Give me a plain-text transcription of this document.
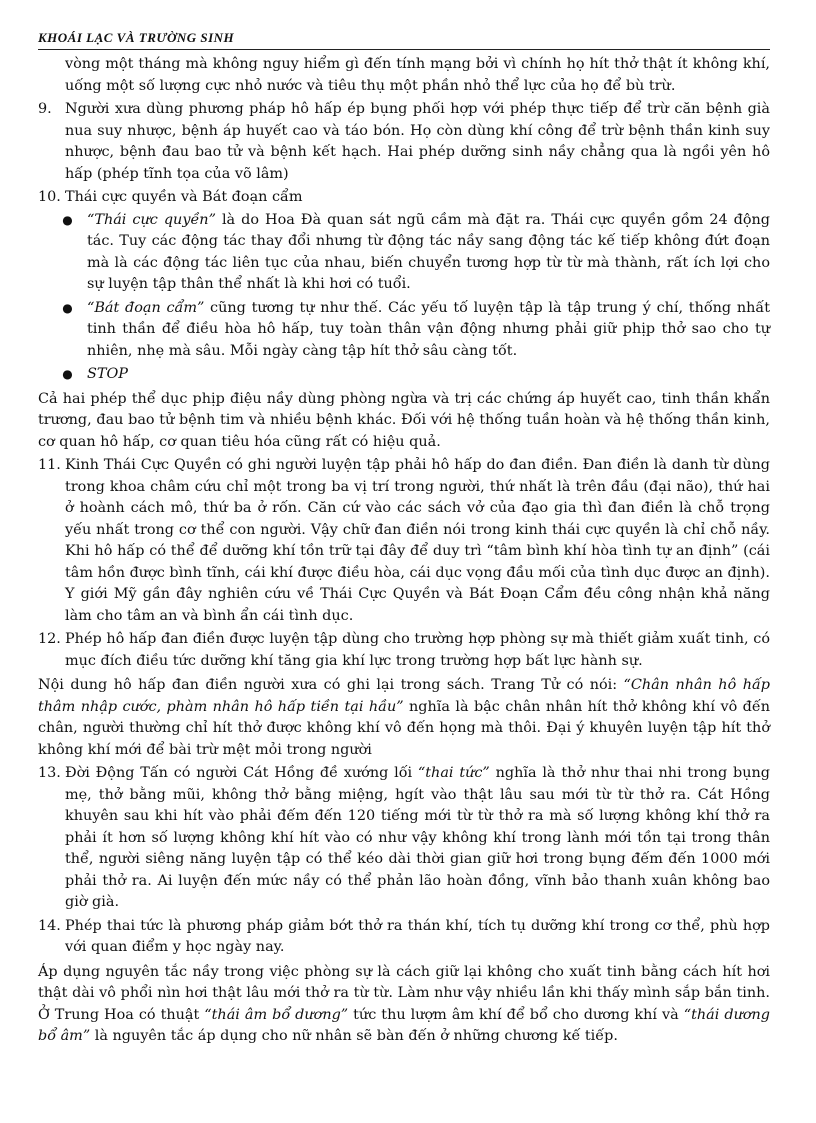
KHOÁI LẠC VÀ TRƯỜNG SINH

vòng một tháng mà không nguy hiểm gì đến tính mạng bởi vì chính họ hít thở thật ít không khí, uống một số lượng cực nhỏ nước và tiêu thụ một phần nhỏ thể lực của họ để bù trừ.

9. Người xưa dùng phương pháp hô hấp ép bụng phối hợp với phép thực tiếp để trừ căn bệnh già nua suy nhược, bệnh áp huyết cao và táo bón. Họ còn dùng khí công để trừ bệnh thần kinh suy nhược, bệnh đau bao tử và bệnh kết hạch. Hai phép dưỡng sinh nầy chẳng qua là ngồi yên hô hấp (phép tĩnh tọa của võ lâm)
10. Thái cực quyền và Bát đoạn cẩm
● “Thái cực quyền” là do Hoa Đà quan sát ngũ cầm mà đặt ra. Thái cực quyền gồm 24 động tác. Tuy các động tác thay đổi nhưng từ động tác nầy sang động tác kế tiếp không đứt đoạn mà là các động tác liên tục của nhau, biến chuyển tương hợp từ từ mà thành, rất ích lợi cho sự luyện tập thân thể nhất là khi hơi có tuổi.
● “Bát đoạn cẩm” cũng tương tự như thế. Các yếu tố luyện tập là tập trung ý chí, thống nhất tinh thần để điều hòa hô hấp, tuy toàn thân vận động nhưng phải giữ phịp thở sao cho tự nhiên, nhẹ mà sâu. Mỗi ngày càng tập hít thở sâu càng tốt.
● STOP

Cả hai phép thể dục phịp điệu nầy dùng phòng ngừa và trị các chứng áp huyết cao, tinh thần khẩn trương, đau bao tử bệnh tim và nhiều bệnh khác. Đối với hệ thống tuần hoàn và hệ thống thần kinh, cơ quan hô hấp, cơ quan tiêu hóa cũng rất có hiệu quả.

11. Kinh Thái Cực Quyền có ghi người luyện tập phải hô hấp do đan điền. Đan điền là danh từ dùng trong khoa châm cứu chỉ một trong ba vị trí trong người, thứ nhất là trên đầu (đại não), thứ hai ở hoành cách mô, thứ ba ở rốn. Căn cứ vào các sách vở của đạo gia thì đan điền là chỗ trọng yếu nhất trong cơ thể con người. Vậy chữ đan điền nói trong kinh thái cực quyền là chỉ chỗ nầy. Khi hô hấp có thể để dưỡng khí tồn trữ tại đây để duy trì “tâm bình khí hòa tình tự an định” (cái tâm hồn được bình tĩnh, cái khí được điều hòa, cái dục vọng đầu mối của tình dục được an định). Y giới Mỹ gần đây nghiên cứu về Thái Cực Quyền và Bát Đoạn Cẩm đều công nhận khả năng làm cho tâm an và bình ẩn cái tình dục.
12. Phép hô hấp đan điền được luyện tập dùng cho trường hợp phòng sự mà thiết giảm xuất tinh, có mục đích điều tức dưỡng khí tăng gia khí lực trong trường hợp bất lực hành sự.

Nội dung hô hấp đan điền người xưa có ghi lại trong sách. Trang Tử có nói: “Chân nhân hô hấp thâm nhập cước, phàm nhân hô hấp tiền tại hầu” nghĩa là bậc chân nhân hít thở không khí vô đến chân, người thường chỉ hít thở được không khí vô đến họng mà thôi. Đại ý khuyên luyện tập hít thở không khí mới để bài trừ mệt mỏi trong người

13. Đời Động Tấn có người Cát Hồng đề xướng lối “thai tức” nghĩa là thở như thai nhi trong bụng mẹ, thở bằng mũi, không thở bằng miệng, hgít vào thật lâu sau mới từ từ thở ra. Cát Hồng khuyên sau khi hít vào phải đếm đến 120 tiếng mới từ từ thở ra mà số lượng không khí thở ra phải ít hơn số lượng không khí hít vào có như vậy không khí trong lành mới tồn tại trong thân thể, người siêng năng luyện tập có thể kéo dài thời gian giữ hơi trong bụng đếm đến 1000 mới phải thở ra. Ai luyện đến mức nầy có thể phản lão hoàn đồng, vĩnh bảo thanh xuân không bao giờ già.
14. Phép thai tức là phương pháp giảm bớt thở ra thán khí, tích tụ dưỡng khí trong cơ thể, phù hợp với quan điểm y học ngày nay.

Áp dụng nguyên tắc nầy trong việc phòng sự là cách giữ lại không cho xuất tinh bằng cách hít hơi thật dài vô phổi nìn hơi thật lâu mới thở ra từ từ. Làm như vậy nhiều lần khi thấy mình sắp bắn tinh. Ở Trung Hoa có thuật “thái âm bổ dương” tức thu lượm âm khí để bổ cho dương khí và “thái dương bổ âm” là nguyên tắc áp dụng cho nữ nhân sẽ bàn đến ở những chương kế tiếp.
